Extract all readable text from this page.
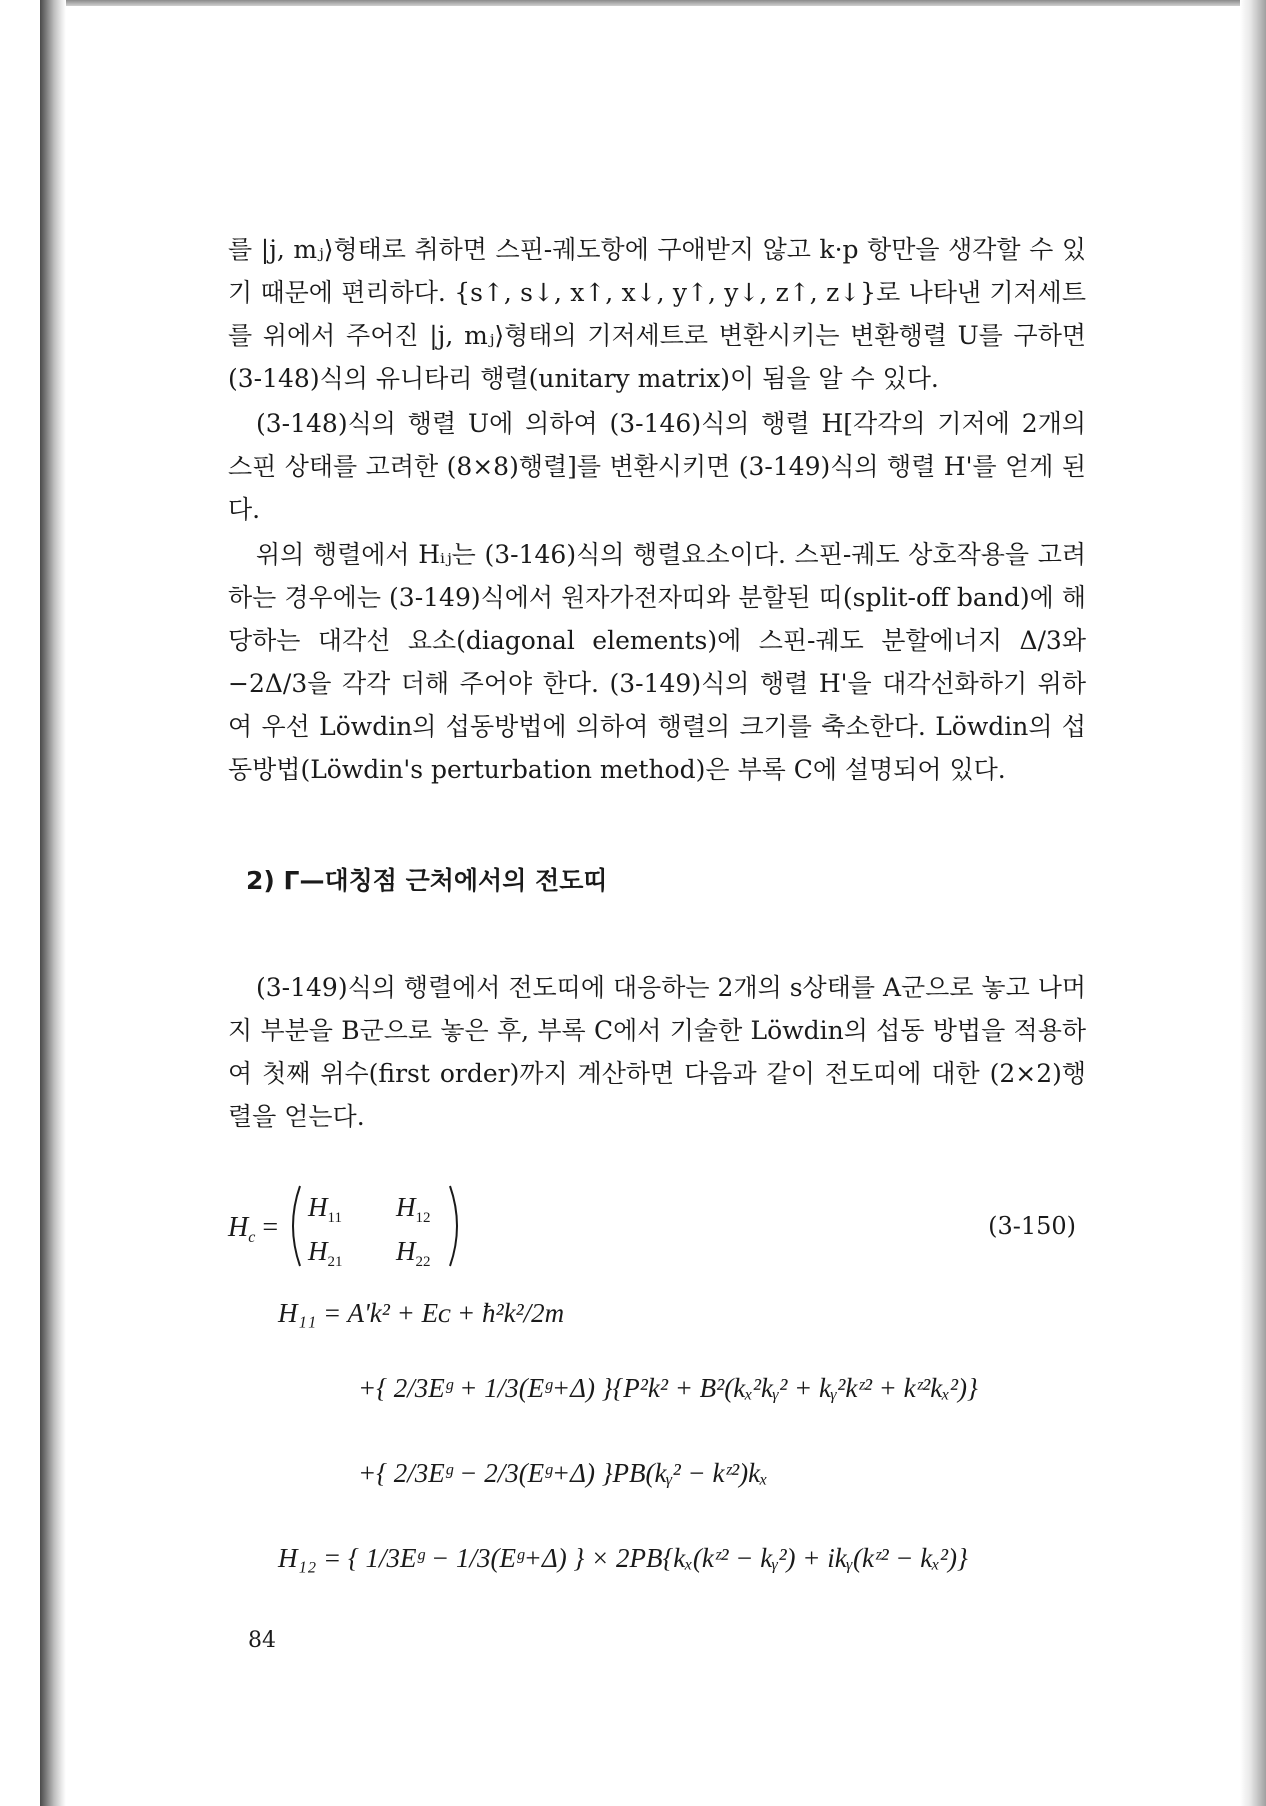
를 |j, mⱼ⟩형태로 취하면 스핀-궤도항에 구애받지 않고 k·p 항만을 생각할 수 있기 때문에 편리하다. {s↑, s↓, x↑, x↓, y↑, y↓, z↑, z↓}로 나타낸 기저세트를 위에서 주어진 |j, mⱼ⟩형태의 기저세트로 변환시키는 변환행렬 U를 구하면 (3-148)식의 유니타리 행렬(unitary matrix)이 됨을 알 수 있다.

(3-148)식의 행렬 U에 의하여 (3-146)식의 행렬 H[각각의 기저에 2개의 스핀 상태를 고려한 (8×8)행렬]를 변환시키면 (3-149)식의 행렬 H'를 얻게 된다.

위의 행렬에서 Hᵢⱼ는 (3-146)식의 행렬요소이다. 스핀-궤도 상호작용을 고려하는 경우에는 (3-149)식에서 원자가전자띠와 분할된 띠(split-off band)에 해당하는 대각선 요소(diagonal elements)에 스핀-궤도 분할에너지 Δ/3와 −2Δ/3을 각각 더해 주어야 한다. (3-149)식의 행렬 H'을 대각선화하기 위하여 우선 Löwdin의 섭동방법에 의하여 행렬의 크기를 축소한다. Löwdin의 섭동방법(Löwdin's perturbation method)은 부록 C에 설명되어 있다.

2) Γ—대칭점 근처에서의 전도띠

(3-149)식의 행렬에서 전도띠에 대응하는 2개의 s상태를 A군으로 놓고 나머지 부분을 B군으로 놓은 후, 부록 C에서 기술한 Löwdin의 섭동 방법을 적용하여 첫째 위수(first order)까지 계산하면 다음과 같이 전도띠에 대한 (2×2)행렬을 얻는다.

$H_c$ =
$H_{11}$ $H_{12}$
$H_{21}$ $H_{22}$
(3-150)
H₁₁ = A'k² + Eᴄ + ħ²k²/2m
+{ 2/3Eᵍ + 1/3(Eᵍ+Δ) }{P²k² + B²(kₓ²kᵧ² + kᵧ²kᶻ² + kᶻ²kₓ²)}
+{ 2/3Eᵍ − 2/3(Eᵍ+Δ) }PB(kᵧ² − kᶻ²)kₓ
H₁₂ = { 1/3Eᵍ − 1/3(Eᵍ+Δ) } × 2PB{kₓ(kᶻ² − kᵧ²) + ikᵧ(kᶻ² − kₓ²)}
84
